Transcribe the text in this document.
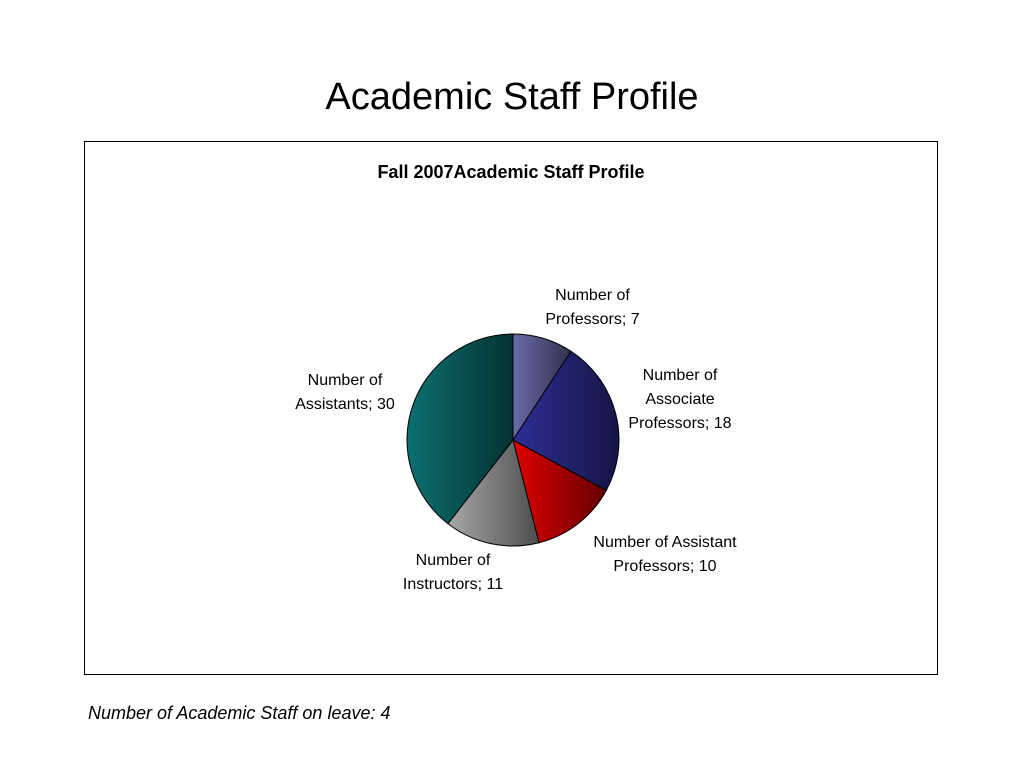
Academic Staff Profile
Fall 2007Academic Staff Profile
Number of
Professors; 7
Number of
Associate
Professors; 18
Number of Assistant
Professors; 10
Number of
Instructors; 11
Number of
Assistants; 30
Number of Academic Staff on leave: 4
